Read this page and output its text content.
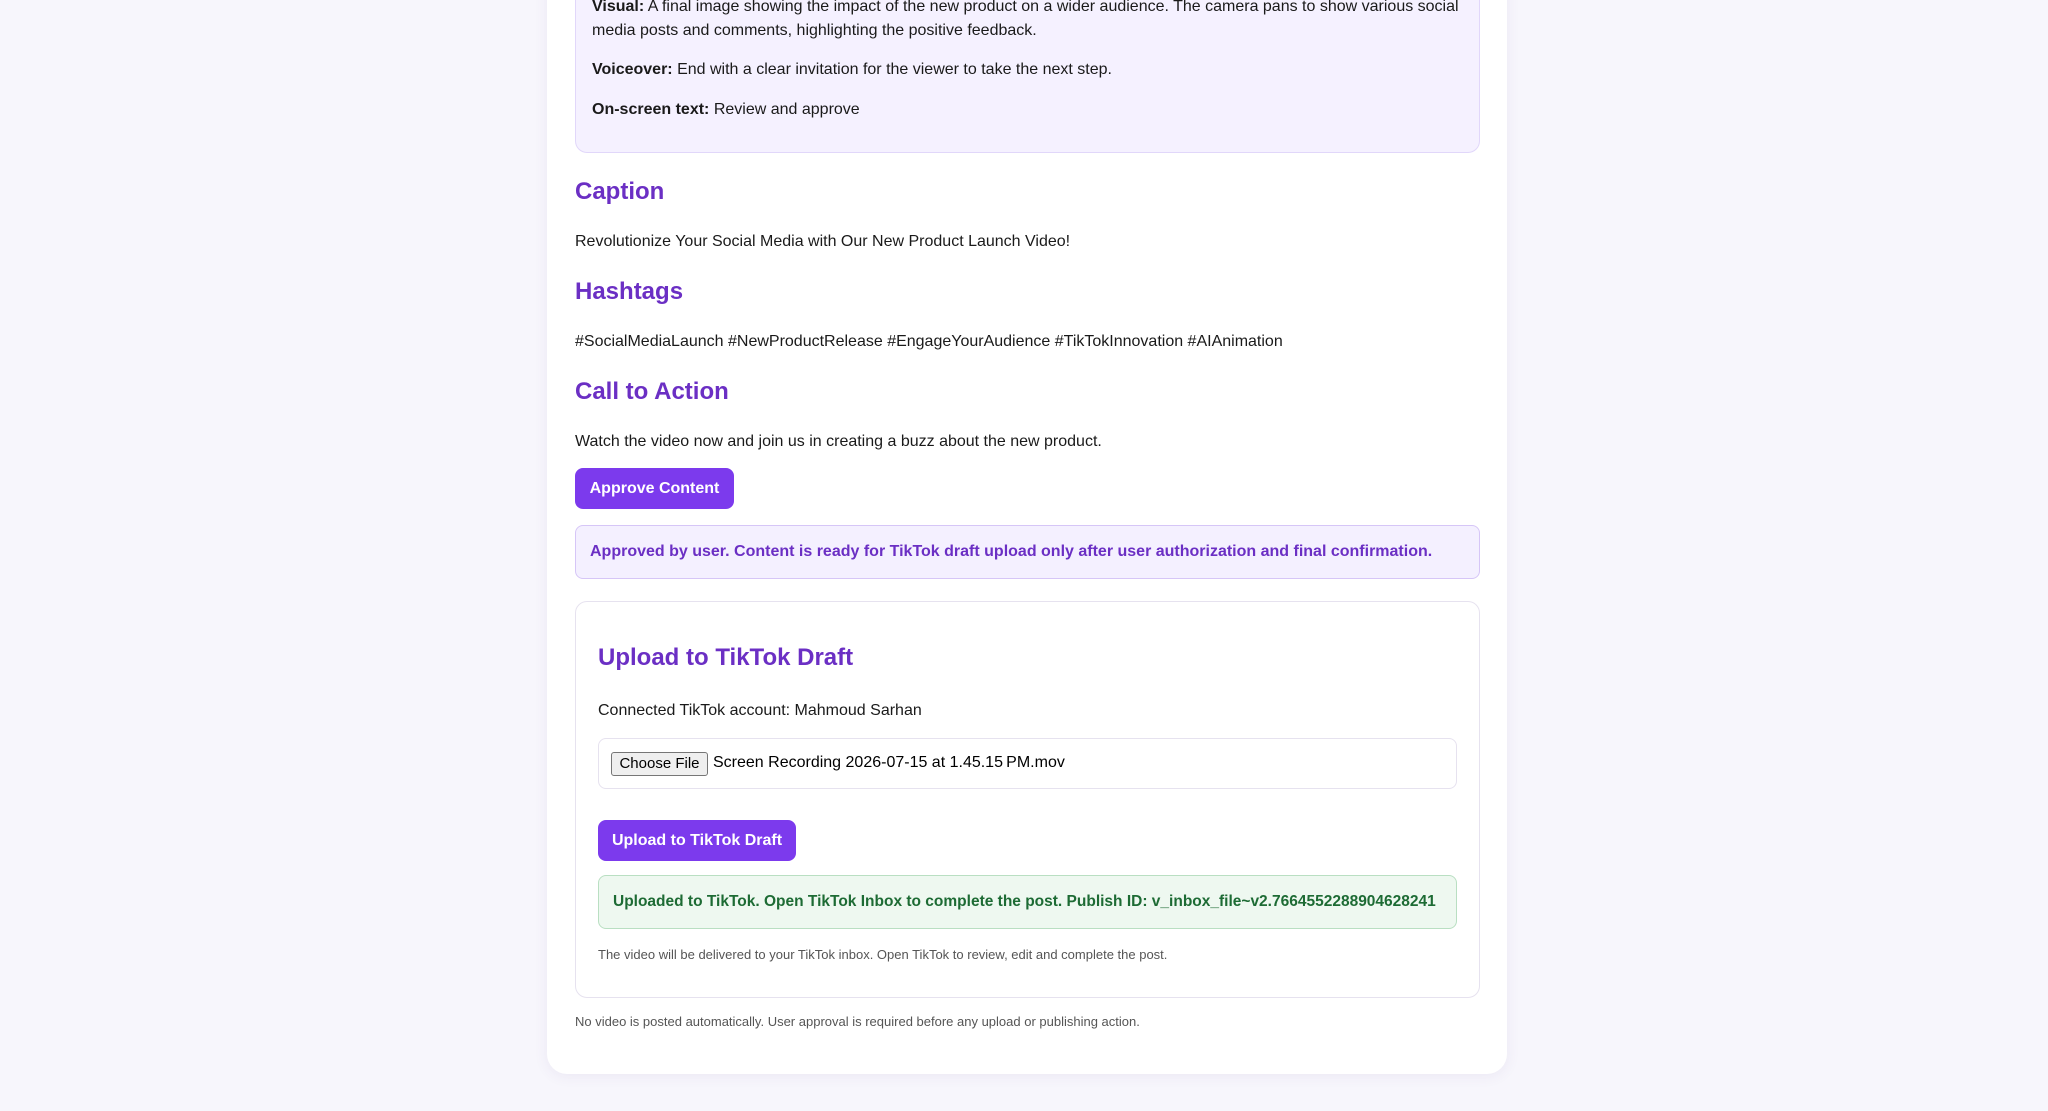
Visual: A final image showing the impact of the new product on a wider audience. The camera pans to show various social
media posts and comments, highlighting the positive feedback.
Voiceover: End with a clear invitation for the viewer to take the next step.
On-screen text: Review and approve
Caption
Revolutionize Your Social Media with Our New Product Launch Video!
Hashtags
#SocialMediaLaunch #NewProductRelease #EngageYourAudience #TikTokInnovation #AIAnimation
Call to Action
Watch the video now and join us in creating a buzz about the new product.
Approve Content
Approved by user. Content is ready for TikTok draft upload only after user authorization and final confirmation.
Upload to TikTok Draft
Connected TikTok account: Mahmoud Sarhan
Choose File Screen Recording 2026-07-15 at 1.45.15 PM.mov
Upload to TikTok Draft
Uploaded to TikTok. Open TikTok Inbox to complete the post. Publish ID: v_inbox_file~v2.7664552288904628241
The video will be delivered to your TikTok inbox. Open TikTok to review, edit and complete the post.
No video is posted automatically. User approval is required before any upload or publishing action.
